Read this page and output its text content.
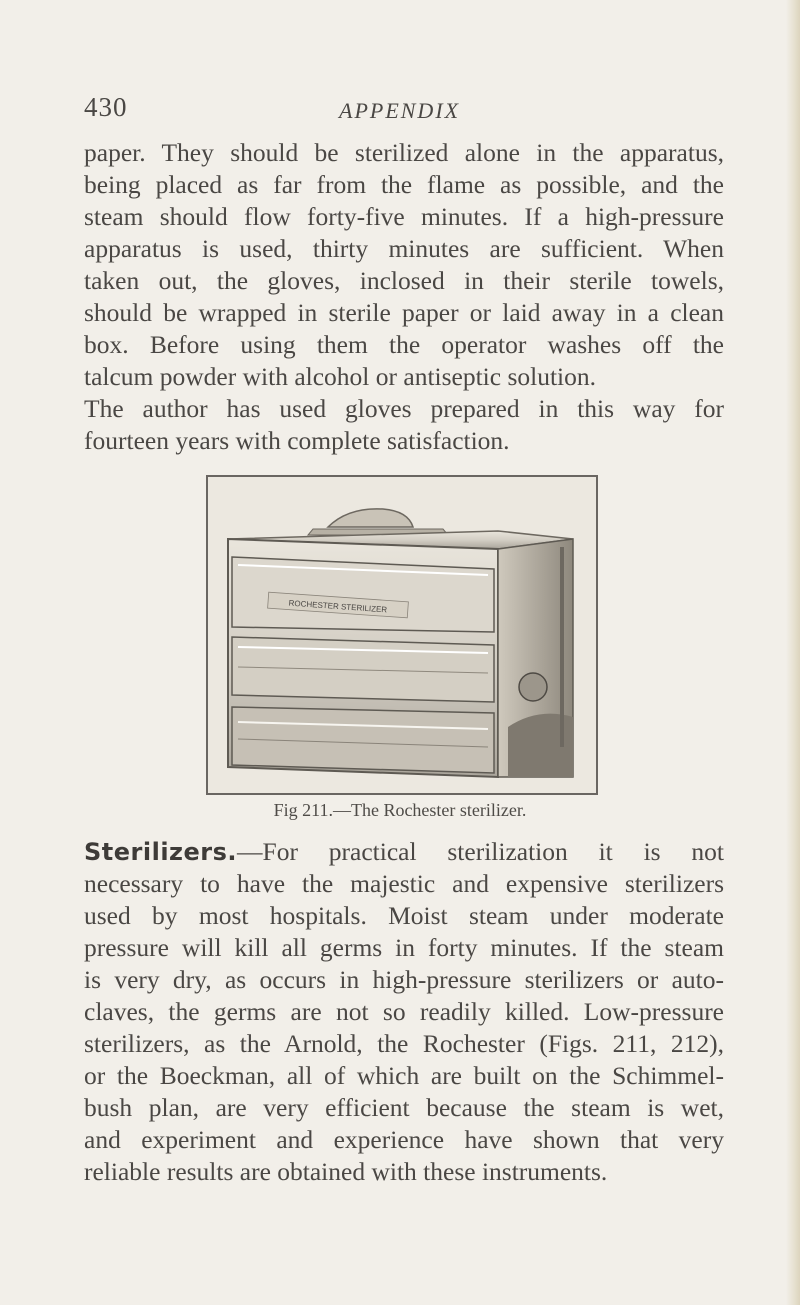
430	APPENDIX

paper. They should be sterilized alone in the apparatus,
being placed as far from the flame as possible, and the
steam should flow forty-five minutes. If a high-pressure
apparatus is used, thirty minutes are sufficient. When
taken out, the gloves, inclosed in their sterile towels,
should be wrapped in sterile paper or laid away in a clean
box. Before using them the operator washes off the
talcum powder with alcohol or antiseptic solution.
The author has used gloves prepared in this way for
fourteen years with complete satisfaction.

ROCHESTER STERILIZER
Fig 211.—The Rochester sterilizer.

Sterilizers.—For practical sterilization it is not
necessary to have the majestic and expensive sterilizers
used by most hospitals. Moist steam under moderate
pressure will kill all germs in forty minutes. If the steam
is very dry, as occurs in high-pressure sterilizers or auto-
claves, the germs are not so readily killed. Low-pressure
sterilizers, as the Arnold, the Rochester (Figs. 211, 212),
or the Boeckman, all of which are built on the Schimmel-
bush plan, are very efficient because the steam is wet,
and experiment and experience have shown that very
reliable results are obtained with these instruments.
